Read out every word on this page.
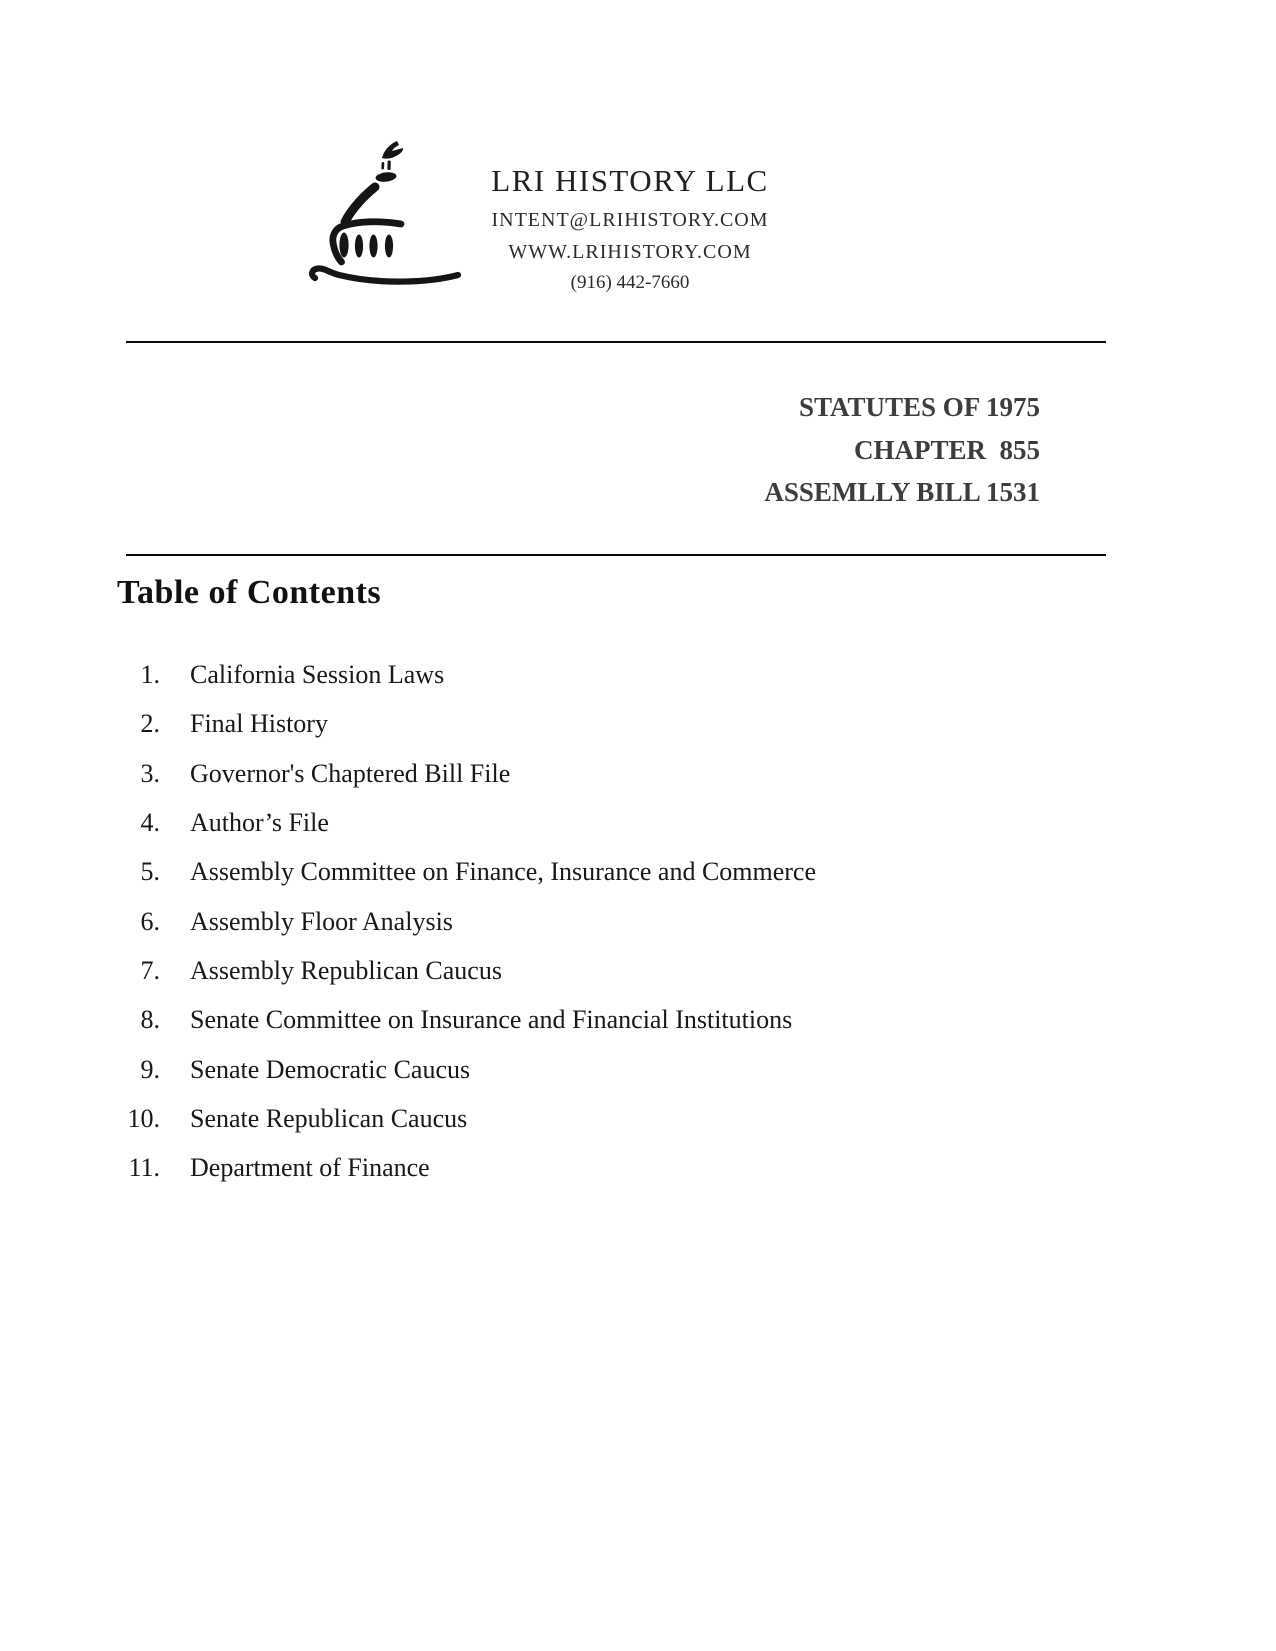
LRI HISTORY LLC
INTENT@LRIHISTORY.COM
WWW.LRIHISTORY.COM
(916) 442-7660
STATUTES OF 1975
CHAPTER  855
ASSEMLLY BILL 1531
Table of Contents
1. California Session Laws
2. Final History
3. Governor's Chaptered Bill File
4. Author’s File
5. Assembly Committee on Finance, Insurance and Commerce
6. Assembly Floor Analysis
7. Assembly Republican Caucus
8. Senate Committee on Insurance and Financial Institutions
9. Senate Democratic Caucus
10. Senate Republican Caucus
11. Department of Finance
